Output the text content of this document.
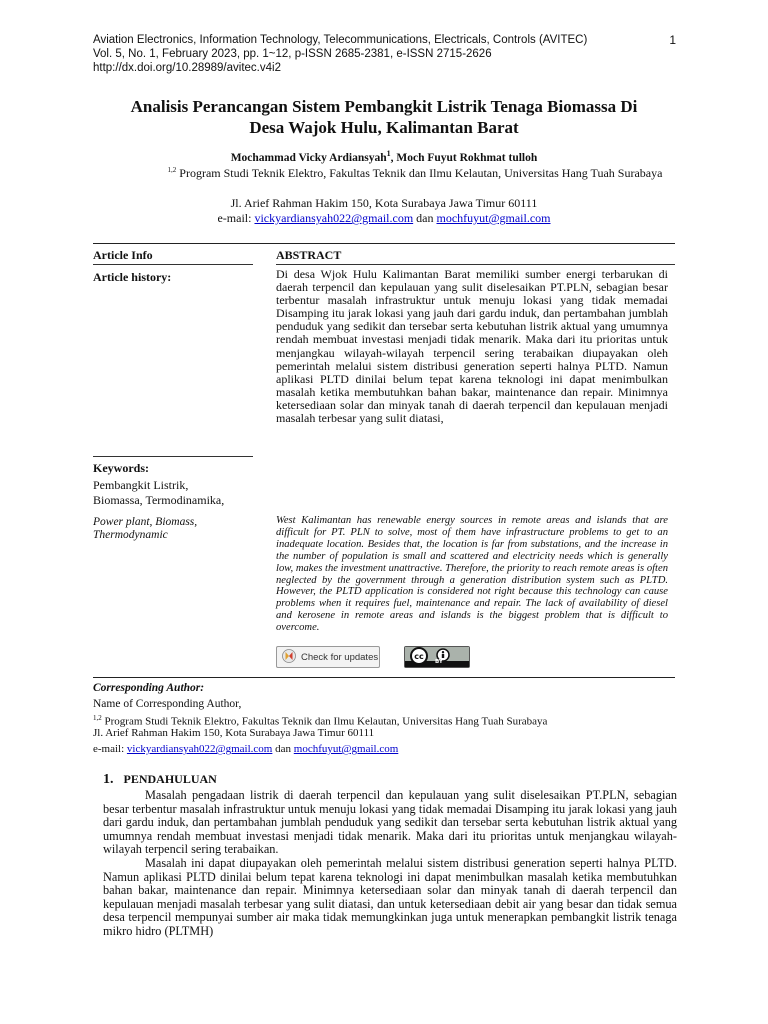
Aviation Electronics, Information Technology, Telecommunications, Electricals, Controls (AVITEC)
Vol. 5, No. 1, February 2023, pp. 1~12, p-ISSN 2685-2381, e-ISSN 2715-2626
http://dx.doi.org/10.28989/avitec.v4i2
1
Analisis Perancangan Sistem Pembangkit Listrik Tenaga Biomassa Di
Desa Wajok Hulu, Kalimantan Barat
Mochammad Vicky Ardiansyah$^1$, Moch Fuyut Rokhmat tulloh
$^{1,2}$ Program Studi Teknik Elektro, Fakultas Teknik dan Ilmu Kelautan, Universitas Hang Tuah Surabaya
Jl. Arief Rahman Hakim 150, Kota Surabaya Jawa Timur 60111
e-mail: vickyardiansyah022@gmail.com dan mochfuyut@gmail.com
Article Info	ABSTRACT
Article history:	Di desa Wjok Hulu Kalimantan Barat memiliki sumber energi terbarukan di daerah terpencil dan kepulauan yang sulit diselesaikan PT.PLN, sebagian besar terbentur masalah infrastruktur untuk menuju lokasi yang tidak memadai Disamping itu jarak lokasi yang jauh dari gardu induk, dan pertambahan jumblah penduduk yang sedikit dan tersebar serta kebutuhan listrik aktual yang umumnya rendah membuat investasi menjadi tidak menarik. Maka dari itu prioritas untuk menjangkau wilayah-wilayah terpencil sering terabaikan diupayakan oleh pemerintah melalui sistem distribusi generation seperti halnya PLTD. Namun aplikasi PLTD dinilai belum tepat karena teknologi ini dapat menimbulkan masalah ketika membutuhkan bahan bakar, maintenance dan repair. Minimnya ketersediaan solar dan minyak tanah di daerah terpencil dan kepulauan menjadi masalah terbesar yang sulit diatasi,
Keywords:
Pembangkit Listrik,
Biomassa, Termodinamika,
Power plant, Biomass,
Thermodynamic
West Kalimantan has renewable energy sources in remote areas and islands that are difficult for PT. PLN to solve, most of them have infrastructure problems to get to an inadequate location. Besides that, the location is far from substations, and the increase in the number of population is small and scattered and electricity needs which is generally low, makes the investment unattractive. Therefore, the priority to reach remote areas is often neglected by the government through a generation distribution system such as PLTD. However, the PLTD application is considered not right because this technology can cause problems when it requires fuel, maintenance and repair. The lack of availability of diesel and kerosene in remote areas and islands is the biggest problem that is difficult to overcome.
Check for updates	cc
BY
Corresponding Author:
Name of Corresponding Author,
$^{1,2}$ Program Studi Teknik Elektro, Fakultas Teknik dan Ilmu Kelautan, Universitas Hang Tuah Surabaya
Jl. Arief Rahman Hakim 150, Kota Surabaya Jawa Timur 60111
e-mail: vickyardiansyah022@gmail.com dan mochfuyut@gmail.com
1. PENDAHULUAN
Masalah pengadaan listrik di daerah terpencil dan kepulauan yang sulit diselesaikan PT.PLN, sebagian besar terbentur masalah infrastruktur untuk menuju lokasi yang tidak memadai Disamping itu jarak lokasi yang jauh dari gardu induk, dan pertambahan jumblah penduduk yang sedikit dan tersebar serta kebutuhan listrik aktual yang umumnya rendah membuat investasi menjadi tidak menarik. Maka dari itu prioritas untuk menjangkau wilayah-wilayah terpencil sering terabaikan.
Masalah ini dapat diupayakan oleh pemerintah melalui sistem distribusi generation seperti halnya PLTD. Namun aplikasi PLTD dinilai belum tepat karena teknologi ini dapat menimbulkan masalah ketika membutuhkan bahan bakar, maintenance dan repair. Minimnya ketersediaan solar dan minyak tanah di daerah terpencil dan kepulauan menjadi masalah terbesar yang sulit diatasi, dan untuk ketersediaan debit air yang besar dan tidak semua desa terpencil mempunyai sumber air maka tidak memungkinkan juga untuk menerapkan pembangkit listrik tenaga mikro hidro (PLTMH)
